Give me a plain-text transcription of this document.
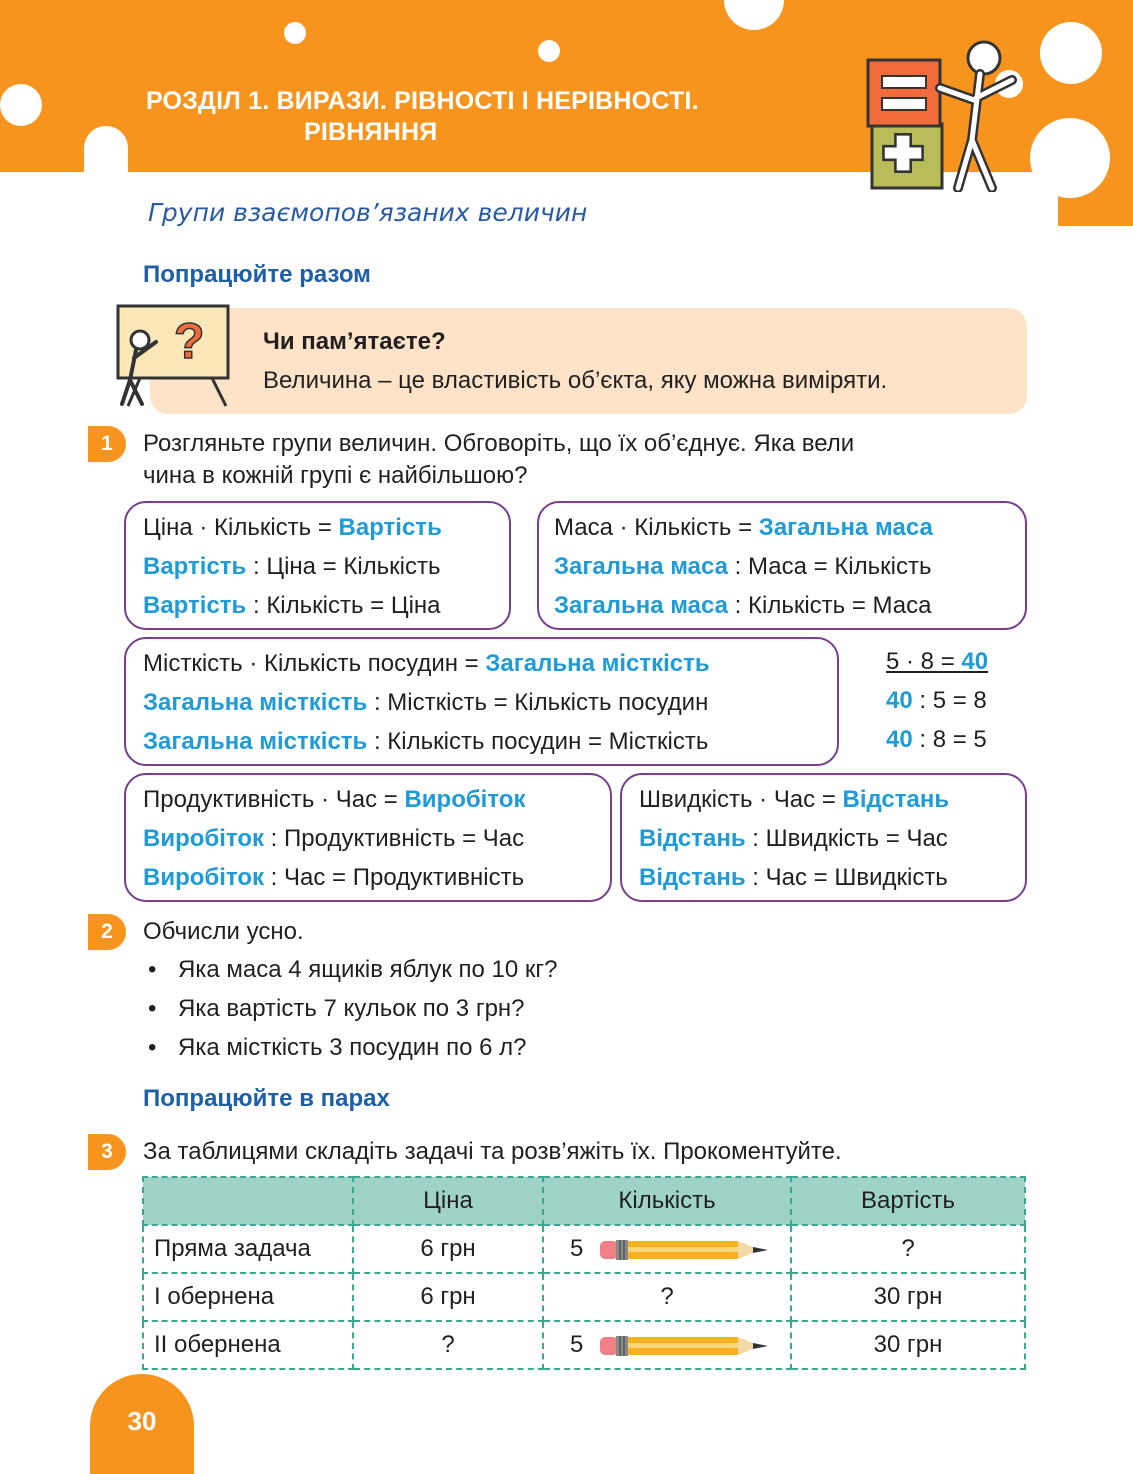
РОЗДІЛ 1. ВИРАЗИ. РІВНОСТІ І НЕРІВНОСТІ.
РІВНЯННЯ
Групи взаємопов’язаних величин
Попрацюйте разом
? Чи пам’ятаєте?
Величина – це властивість об’єкта, яку можна виміряти.
1	Розгляньте групи величин. Обговоріть, що їх об’єднує. Яка вели
чина в кожній групі є найбільшою?
Ціна · Кількість = Вартість
Вартість : Ціна = Кількість
Вартість : Кількість = Ціна
Маса · Кількість = Загальна маса
Загальна маса : Маса = Кількість
Загальна маса : Кількість = Маса
Місткість · Кількість посудин = Загальна місткість
Загальна місткість : Місткість = Кількість посудин
Загальна місткість : Кількість посудин = Місткість
5 · 8 = 40
40 : 5 = 8
40 : 8 = 5
Продуктивність · Час = Виробіток
Виробіток : Продуктивність = Час
Виробіток : Час = Продуктивність
Швидкість · Час = Відстань
Відстань : Швидкість = Час
Відстань : Час = Швидкість
2	Обчисли усно.
• Яка маса 4 ящиків яблук по 10 кг?
• Яка вартість 7 кульок по 3 грн?
• Яка місткість 3 посудин по 6 л?
Попрацюйте в парах
3	За таблицями складіть задачі та розв’яжіть їх. Прокоментуйте.
	Ціна	Кількість	Вартість
Пряма задача	6 грн	5	?
І обернена	6 грн	?	30 грн
ІІ обернена	?	5	30 грн
30
